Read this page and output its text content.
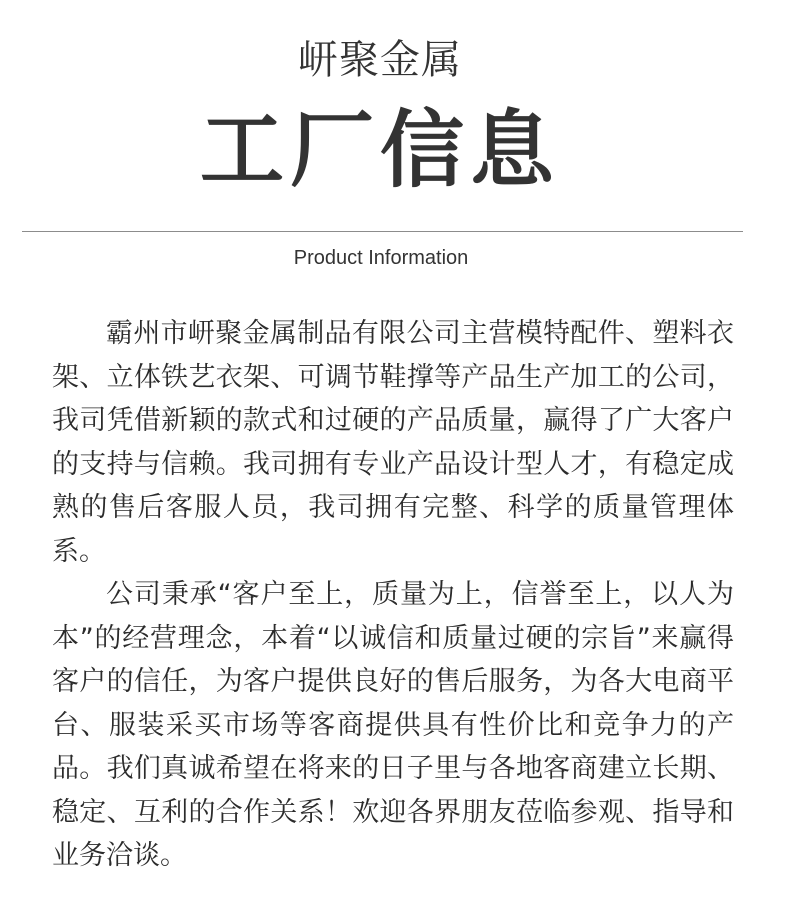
岍聚金属
工厂信息
Product Information

霸州市岍聚金属制品有限公司主营模特配件、塑料衣架、立体铁艺衣架、可调节鞋撑等产品生产加工的公司，我司凭借新颖的款式和过硬的产品质量，赢得了广大客户的支持与信赖。我司拥有专业产品设计型人才，有稳定成熟的售后客服人员，我司拥有完整、科学的质量管理体系。

公司秉承“客户至上，质量为上，信誉至上，以人为本”的经营理念，本着“以诚信和质量过硬的宗旨”来赢得客户的信任，为客户提供良好的售后服务，为各大电商平台、服装采买市场等客商提供具有性价比和竞争力的产品。我们真诚希望在将来的日子里与各地客商建立长期、稳定、互利的合作关系！欢迎各界朋友莅临参观、指导和业务洽谈。
